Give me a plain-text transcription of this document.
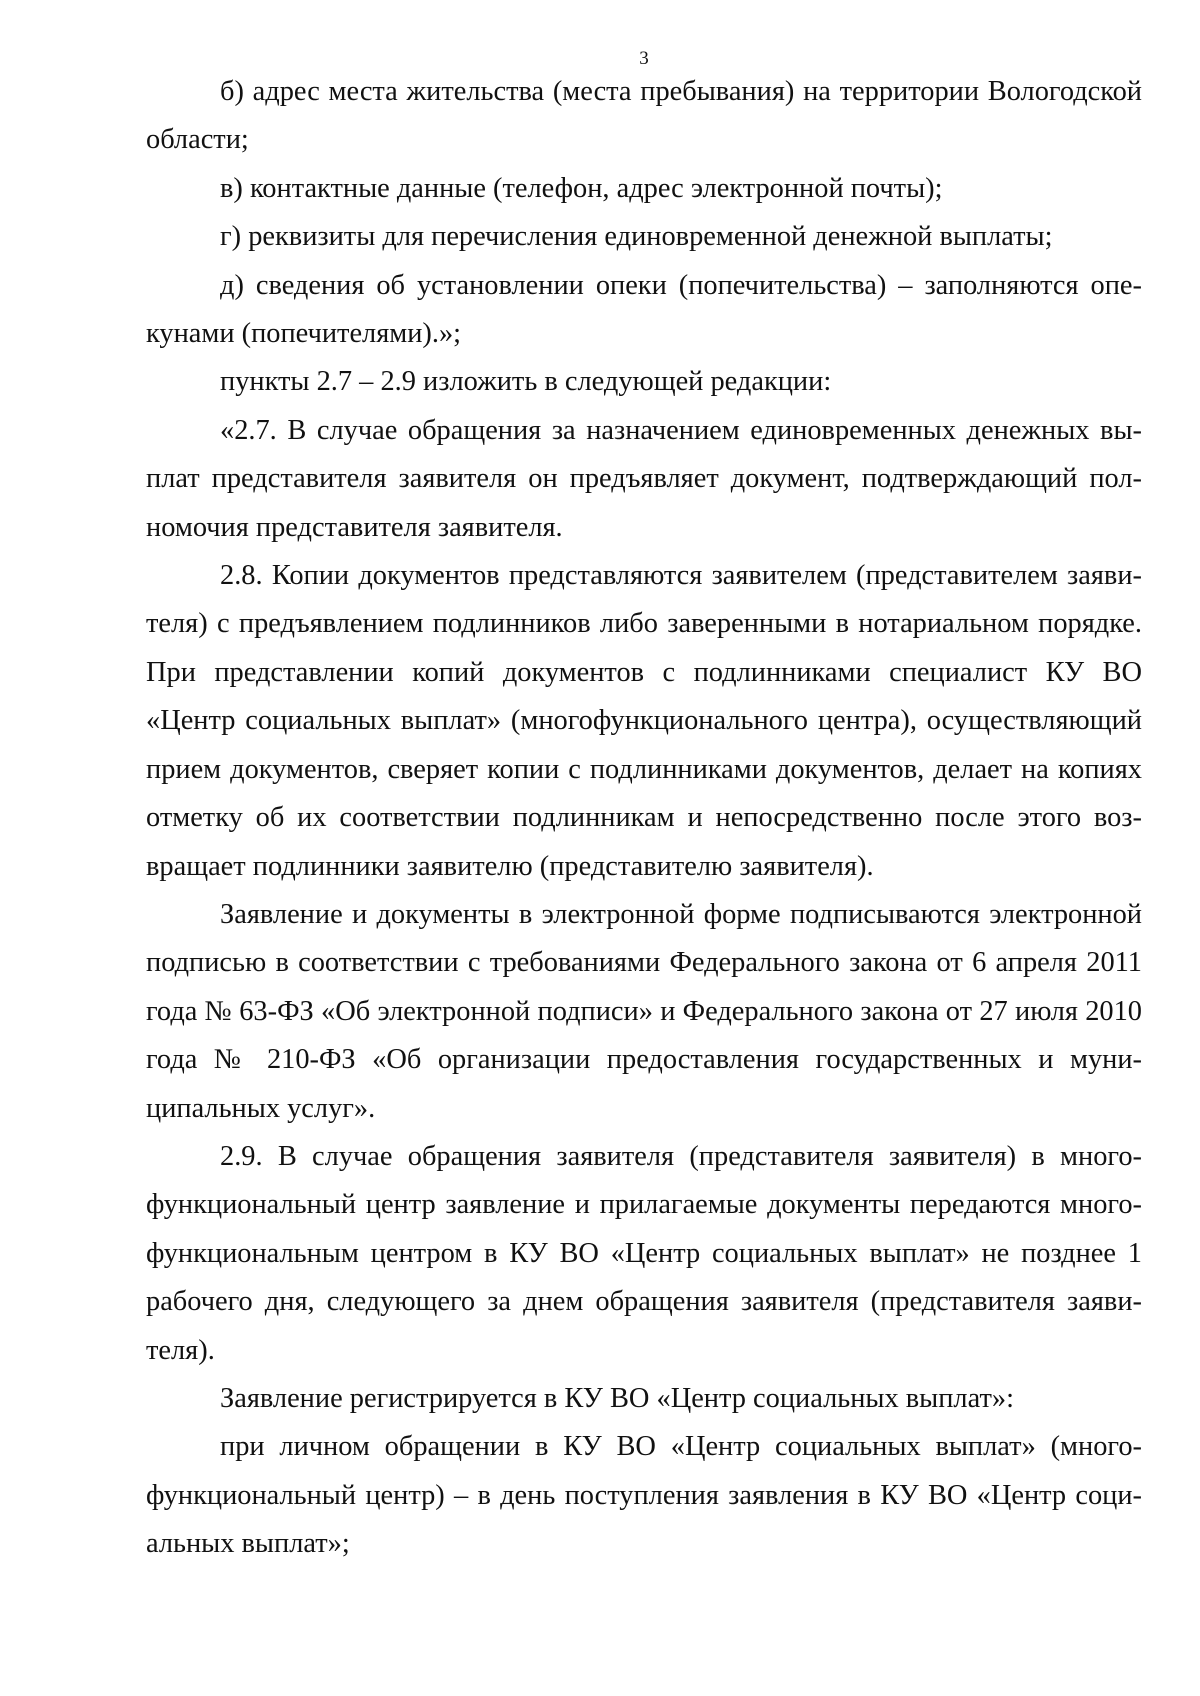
3

б) адрес места жительства (места пребывания) на территории Вологодской области;

в) контактные данные (телефон, адрес электронной почты);

г) реквизиты для перечисления единовременной денежной выплаты;

д) сведения об установлении опеки (попечительства) – заполняются опекунами (попечителями).»;

пункты 2.7 – 2.9 изложить в следующей редакции:

«2.7. В случае обращения за назначением единовременных денежных выплат представителя заявителя он предъявляет документ, подтверждающий полномочия представителя заявителя.

2.8. Копии документов представляются заявителем (представителем заявителя) с предъявлением подлинников либо заверенными в нотариальном порядке. При представлении копий документов с подлинниками специалист КУ ВО «Центр социальных выплат» (многофункционального центра), осуществляющий прием документов, сверяет копии с подлинниками документов, делает на копиях отметку об их соответствии подлинникам и непосредственно после этого возвращает подлинники заявителю (представителю заявителя).

Заявление и документы в электронной форме подписываются электронной подписью в соответствии с требованиями Федерального закона от 6 апреля 2011 года № 63-ФЗ «Об электронной подписи» и Федерального закона от 27 июля 2010 года № 210-ФЗ «Об организации предоставления государственных и муниципальных услуг».

2.9. В случае обращения заявителя (представителя заявителя) в многофункциональный центр заявление и прилагаемые документы передаются многофункциональным центром в КУ ВО «Центр социальных выплат» не позднее 1 рабочего дня, следующего за днем обращения заявителя (представителя заявителя).

Заявление регистрируется в КУ ВО «Центр социальных выплат»:

при личном обращении в КУ ВО «Центр социальных выплат» (многофункциональный центр) – в день поступления заявления в КУ ВО «Центр социальных выплат»;
